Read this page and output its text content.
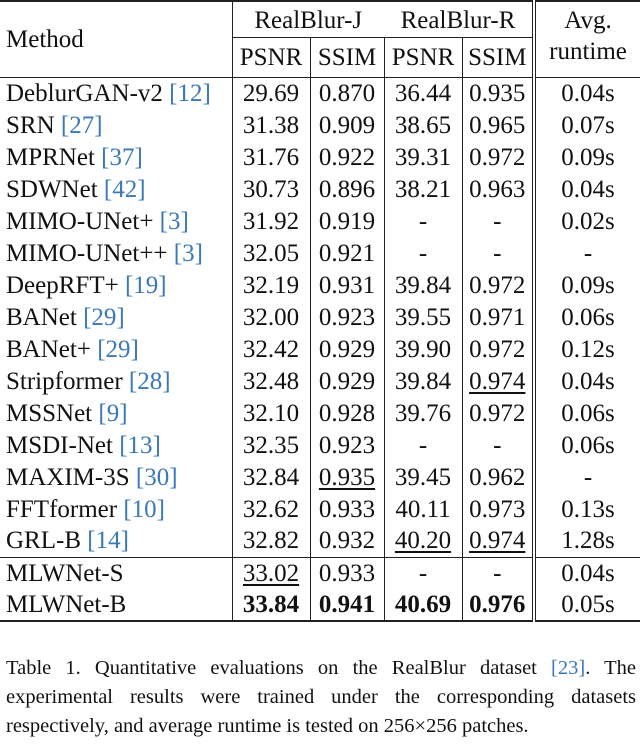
Method	RealBlur-J		RealBlur-R		Avg.
	PSNR	SSIM	PSNR	SSIM	runtime
DeblurGAN-v2 [12]	29.69	0.870	36.44	0.935	0.04s
SRN [27]	31.38	0.909	38.65	0.965	0.07s
MPRNet [37]	31.76	0.922	39.31	0.972	0.09s
SDWNet [42]	30.73	0.896	38.21	0.963	0.04s
MIMO-UNet+ [3]	31.92	0.919	-	-	0.02s
MIMO-UNet++ [3]	32.05	0.921	-	-	-
DeepRFT+ [19]	32.19	0.931	39.84	0.972	0.09s
BANet [29]	32.00	0.923	39.55	0.971	0.06s
BANet+ [29]	32.42	0.929	39.90	0.972	0.12s
Stripformer [28]	32.48	0.929	39.84	0.974	0.04s
MSSNet [9]	32.10	0.928	39.76	0.972	0.06s
MSDI-Net [13]	32.35	0.923	-	-	0.06s
MAXIM-3S [30]	32.84	0.935	39.45	0.962	-
FFTformer [10]	32.62	0.933	40.11	0.973	0.13s
GRL-B [14]	32.82	0.932	40.20	0.974	1.28s
MLWNet-S	33.02	0.933	-	-	0.04s
MLWNet-B	33.84	0.941	40.69	0.976	0.05s
Table 1. Quantitative evaluations on the RealBlur dataset [23]. The experimental results were trained under the corresponding datasets respectively, and average runtime is tested on 256×256 patches.
